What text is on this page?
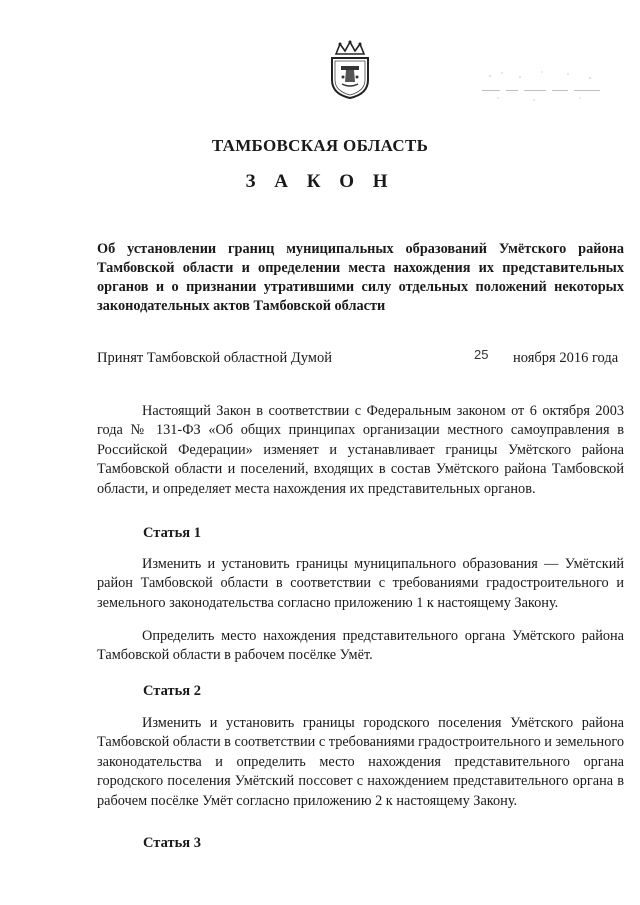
ТАМБОВСКАЯ ОБЛАСТЬ
З А К О Н
Об установлении границ муниципальных образований Умётского района Тамбовской области и определении места нахождения их представительных органов и о признании утратившими силу отдельных положений некоторых законодательных актов Тамбовской области
Принят Тамбовской областной Думой	25 ноября 2016 года
Настоящий Закон в соответствии с Федеральным законом от 6 октября 2003 года № 131-ФЗ «Об общих принципах организации местного самоуправления в Российской Федерации» изменяет и устанавливает границы Умётского района Тамбовской области и поселений, входящих в состав Умётского района Тамбовской области, и определяет места нахождения их представительных органов.
Статья 1
Изменить и установить границы муниципального образования — Умётский район Тамбовской области в соответствии с требованиями градостроительного и земельного законодательства согласно приложению 1 к настоящему Закону.
Определить место нахождения представительного органа Умётского района Тамбовской области в рабочем посёлке Умёт.
Статья 2
Изменить и установить границы городского поселения Умётского района Тамбовской области в соответствии с требованиями градостроительного и земельного законодательства и определить место нахождения представительного органа городского поселения Умётский поссовет с нахождением представительного органа в рабочем посёлке Умёт согласно приложению 2 к настоящему Закону.
Статья 3
